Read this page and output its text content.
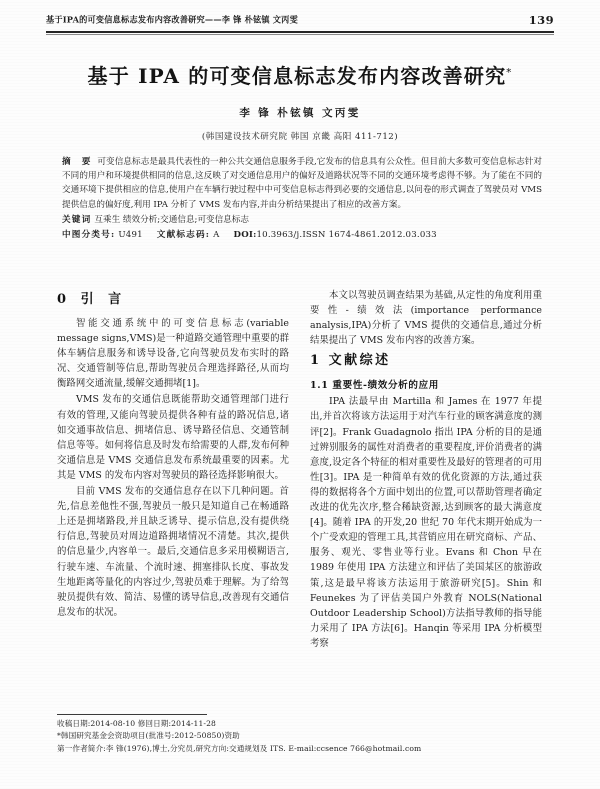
基于IPA的可变信息标志发布内容改善研究——李 锋 朴铉镇 文丙雯	139
基于 IPA 的可变信息标志发布内容改善研究*
李 锋 朴铉镇 文丙雯
(韩国建设技术研究院 韩国 京畿 高阳 411-712)
摘 要 可变信息标志是最具代表性的一种公共交通信息服务手段,它发布的信息具有公众性。但目前大多数可变信息标志针对不同的用户和环境提供相同的信息,这反映了对交通信息用户的偏好及道路状况等不同的交通环境考虑得不够。为了能在不同的交通环境下提供相应的信息,使用户在车辆行驶过程中中可变信息标志得到必要的交通信息,以问卷的形式调查了驾驶员对 VMS 提供信息的偏好度,利用 IPA 分析了 VMS 发布内容,并由分析结果提出了相应的改善方案。
关键词 互乘生 绩效分析;交通信息;可变信息标志
中图分类号: U491 文献标志码: A DOI:10.3963/j.ISSN 1674-4861.2012.03.033
0 引 言

智能交通系统中的可变信息标志(variable message signs,VMS)是一种道路交通管理中重要的群体车辆信息服务和诱导设备,它向驾驶员发布实时的路况、交通管制等信息,帮助驾驶员合理选择路径,从而均衡路网交通流量,缓解交通拥堵[1]。

VMS 发布的交通信息既能帮助交通管理部门进行有效的管理,又能向驾驶员提供各种有益的路况信息,诸如交通事故信息、拥堵信息、诱导路径信息、交通管制信息等等。如何将信息及时发布给需要的人群,发布何种交通信息是 VMS 交通信息发布系统最重要的因素。尤其是 VMS 的发布内容对驾驶员的路径选择影响很大。

目前 VMS 发布的交通信息存在以下几种问题。首先,信息差他性不强,驾驶员一般只是知道自己在畅通路上还是拥堵路段,并且缺乏诱导、提示信息,没有提供绕行信息,驾驶员对周边道路拥堵情况不清楚。其次,提供的信息量少,内容单一。最后,交通信息多采用模糊语言,行驶车速、车流量、个流时速、拥塞排队长度、事故发生地距离等量化的内容过少,驾驶员难于理解。为了给驾驶员提供有效、简洁、易懂的诱导信息,改善现有交通信息发布的状况。

本文以驾驶员调查结果为基础,从定性的角度利用重要性-绩效法(importance performance analysis,IPA)分析了 VMS 提供的交通信息,通过分析结果提出了 VMS 发布内容的改善方案。

1 文献综述
1.1 重要性-绩效分析的应用

IPA 法最早由 Martilla 和 James 在 1977 年提出,并首次将该方法运用于对汽车行业的顾客满意度的测评[2]。Frank Guadagnolo 指出 IPA 分析的目的是通过辨别服务的属性对消费者的重要程度,评价消费者的满意度,设定各个特征的相对重要性及最好的管理者的可用性[3]。IPA 是一种简单有效的优化资源的方法,通过获得的数据将各个方面中划出的位置,可以帮助管理者确定改进的优先次序,整合稀缺资源,达到顾客的最大满意度[4]。随着 IPA 的开发,20 世纪 70 年代末期开始成为一个广受欢迎的管理工具,其营销应用在研究商标、产品、服务、观光、零售业等行业。Evans 和 Chon 早在 1989 年使用 IPA 方法建立和评估了美国某区的旅游政策,这是最早将该方法运用于旅游研究[5]。Shin 和 Feunekes 为了评估美国户外教育 NOLS(National Outdoor Leadership School)方法指导教师的指导能力采用了 IPA 方法[6]。Hanqin 等采用 IPA 分析模型考察

收稿日期:2014-08-10 修回日期:2014-11-28
*韩国研究基金会资助项目(批准号:2012-50850)资助
第一作者简介:李 锋(1976),博士,分究员,研究方向:交通规划及 ITS. E-mail:ccsence 766@hotmail.com
